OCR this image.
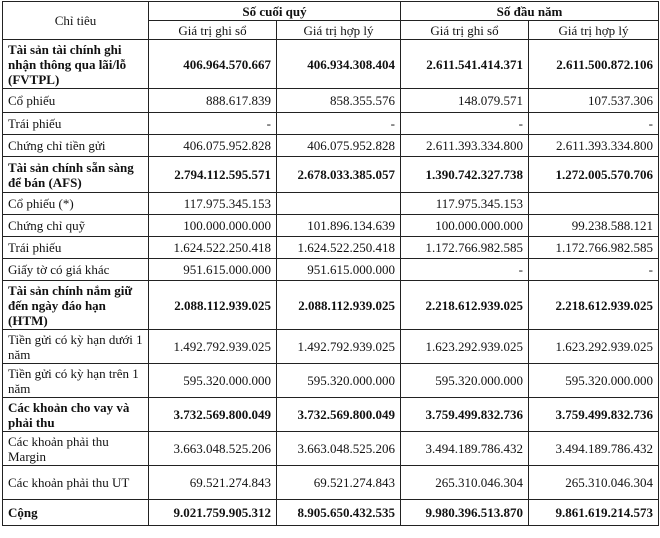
Chỉ tiêu	Số cuối quý		Số đầu năm	
	Giá trị ghi sổ	Giá trị hợp lý	Giá trị ghi sổ	Giá trị hợp lý
Tài sản tài chính ghi nhận thông qua lãi/lỗ (FVTPL)	406.964.570.667	406.934.308.404	2.611.541.414.371	2.611.500.872.106
Cổ phiếu	888.617.839	858.355.576	148.079.571	107.537.306
Trái phiếu	-	-	-	-
Chứng chỉ tiền gửi	406.075.952.828	406.075.952.828	2.611.393.334.800	2.611.393.334.800
Tài sản chính sẵn sàng để bán (AFS)	2.794.112.595.571	2.678.033.385.057	1.390.742.327.738	1.272.005.570.706
Cổ phiếu (*)	117.975.345.153		117.975.345.153	
Chứng chỉ quỹ	100.000.000.000	101.896.134.639	100.000.000.000	99.238.588.121
Trái phiếu	1.624.522.250.418	1.624.522.250.418	1.172.766.982.585	1.172.766.982.585
Giấy tờ có giá khác	951.615.000.000	951.615.000.000	-	-
Tài sản chính nắm giữ đến ngày đáo hạn (HTM)	2.088.112.939.025	2.088.112.939.025	2.218.612.939.025	2.218.612.939.025
Tiền gửi có kỳ hạn dưới 1 năm	1.492.792.939.025	1.492.792.939.025	1.623.292.939.025	1.623.292.939.025
Tiền gửi có kỳ hạn trên 1 năm	595.320.000.000	595.320.000.000	595.320.000.000	595.320.000.000
Các khoản cho vay và phải thu	3.732.569.800.049	3.732.569.800.049	3.759.499.832.736	3.759.499.832.736
Các khoản phải thu Margin	3.663.048.525.206	3.663.048.525.206	3.494.189.786.432	3.494.189.786.432
Các khoản phải thu UT	69.521.274.843	69.521.274.843	265.310.046.304	265.310.046.304
Cộng	9.021.759.905.312	8.905.650.432.535	9.980.396.513.870	9.861.619.214.573
